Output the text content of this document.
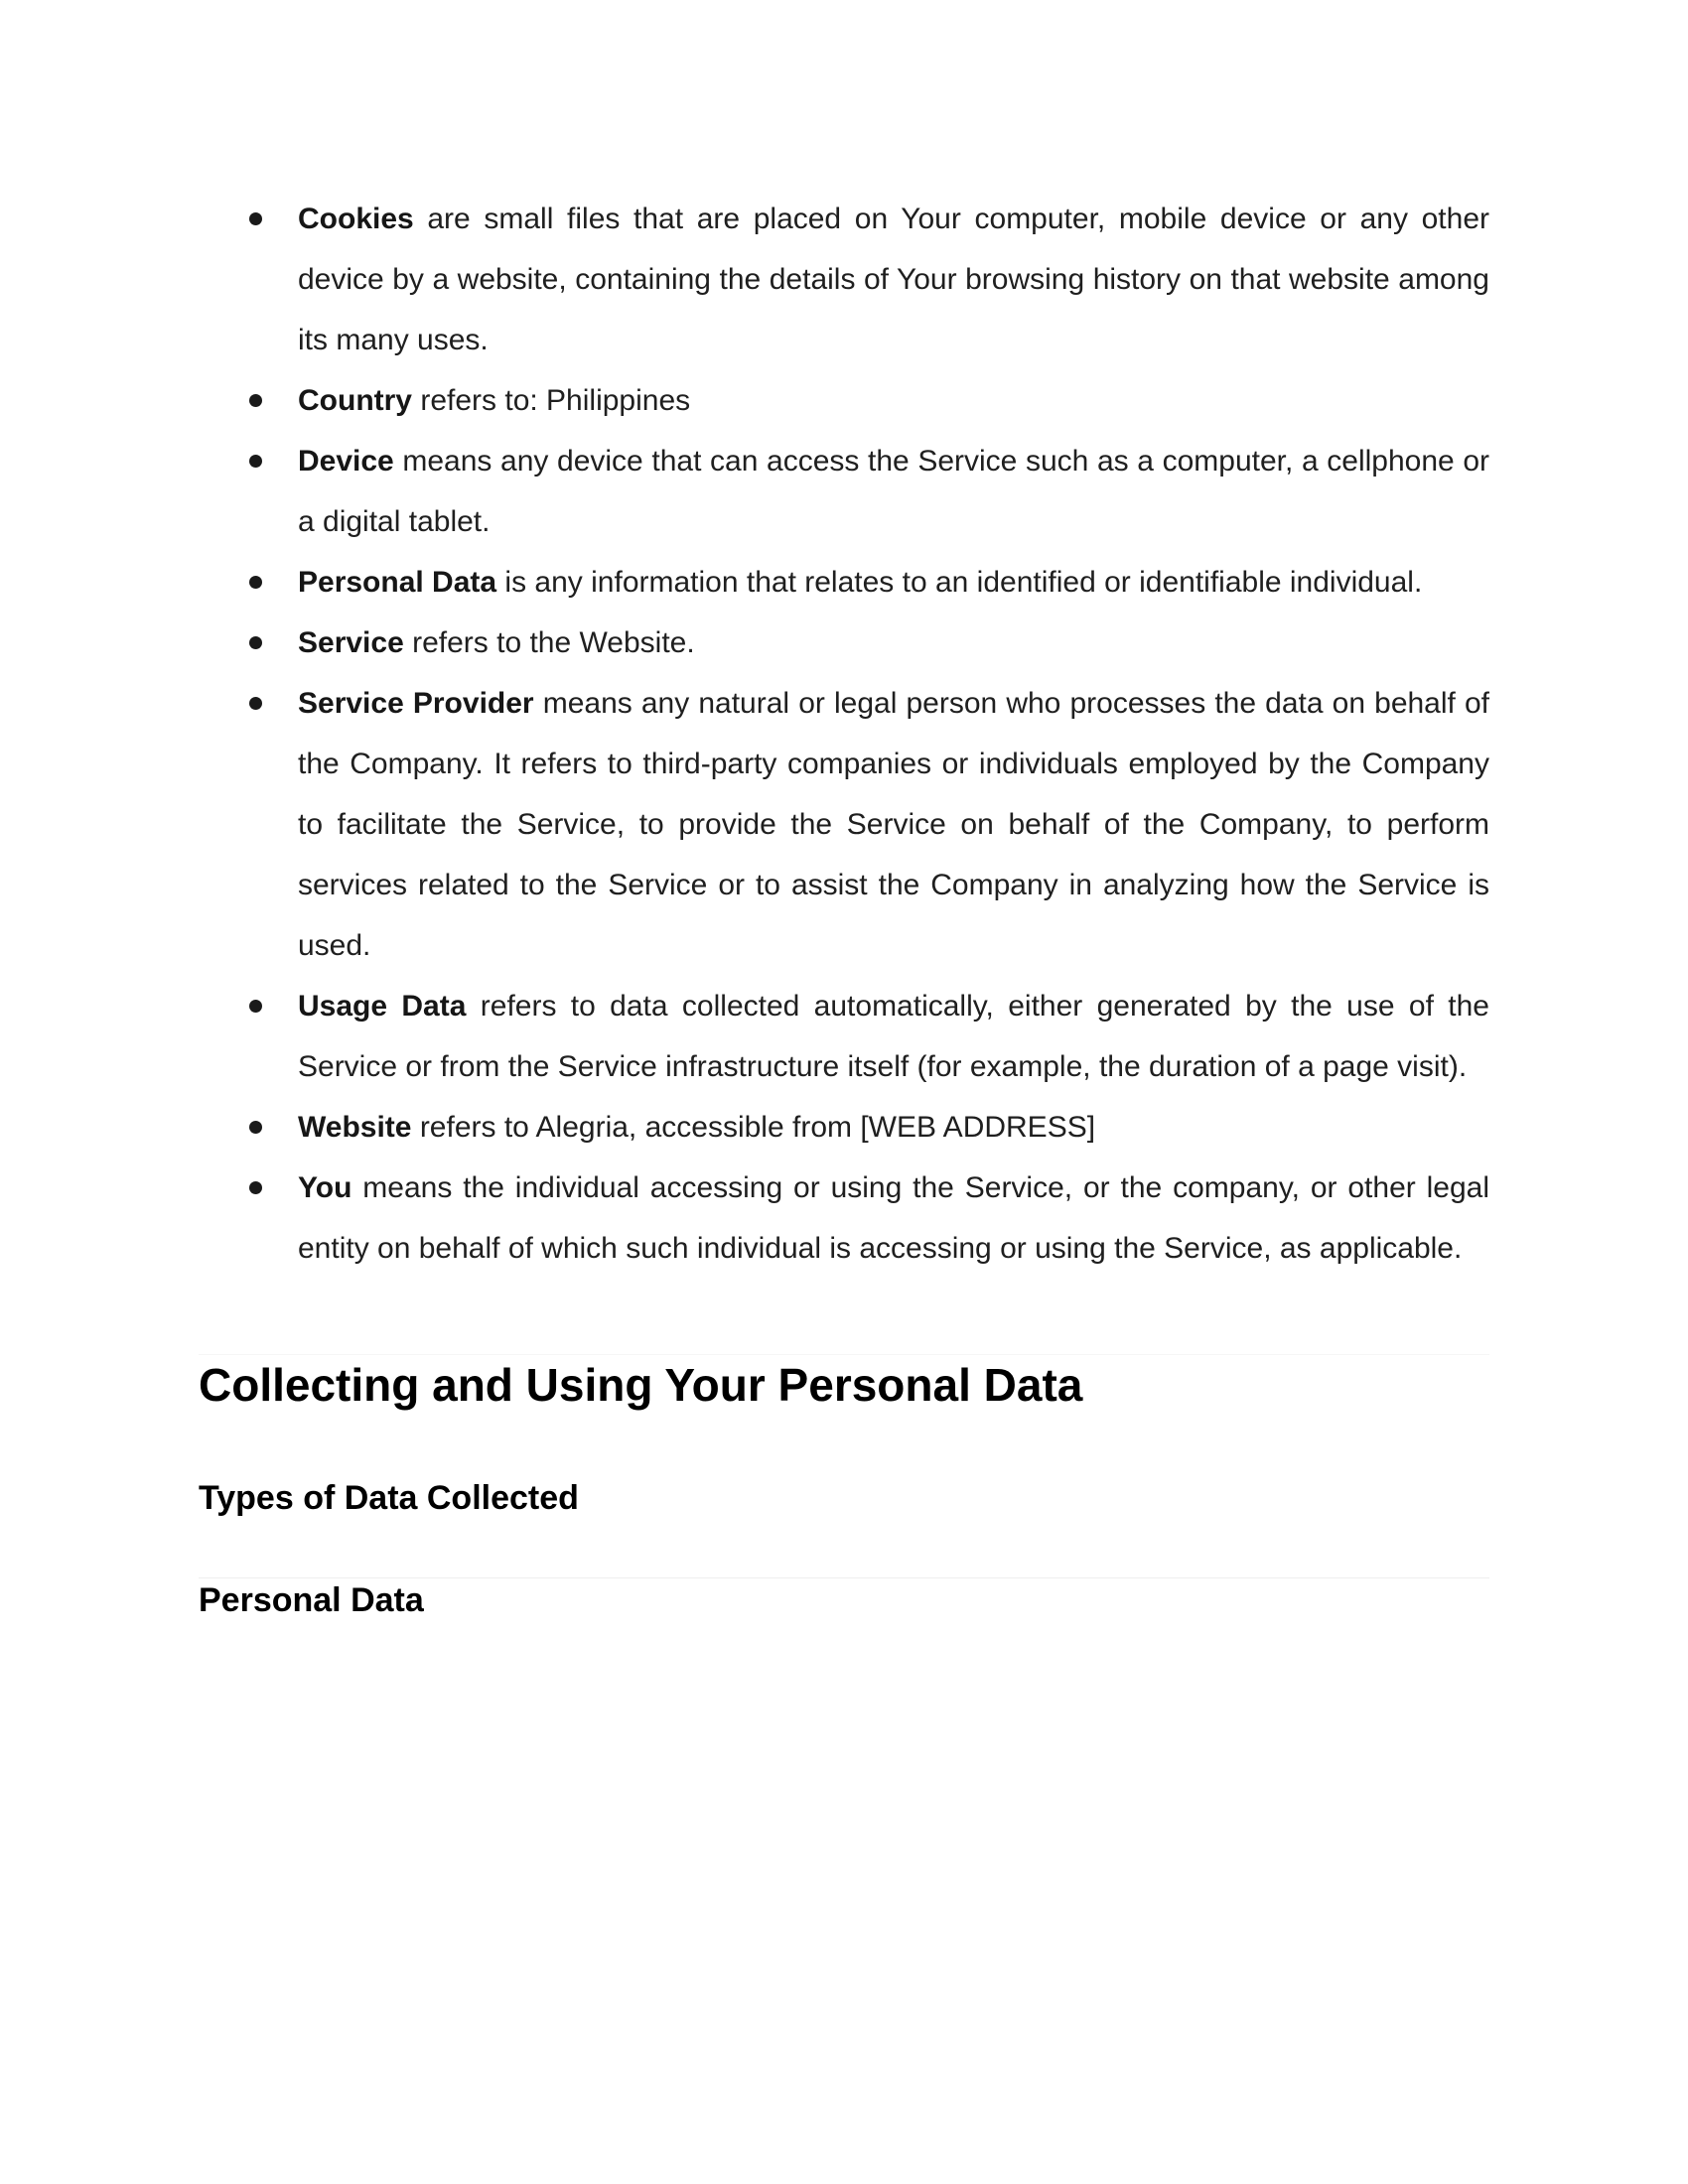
Cookies are small files that are placed on Your computer, mobile device or any other device by a website, containing the details of Your browsing history on that website among its many uses.
Country refers to: Philippines
Device means any device that can access the Service such as a computer, a cellphone or a digital tablet.
Personal Data is any information that relates to an identified or identifiable individual.
Service refers to the Website.
Service Provider means any natural or legal person who processes the data on behalf of the Company. It refers to third-party companies or individuals employed by the Company to facilitate the Service, to provide the Service on behalf of the Company, to perform services related to the Service or to assist the Company in analyzing how the Service is used.
Usage Data refers to data collected automatically, either generated by the use of the Service or from the Service infrastructure itself (for example, the duration of a page visit).
Website refers to Alegria, accessible from [WEB ADDRESS]
You means the individual accessing or using the Service, or the company, or other legal entity on behalf of which such individual is accessing or using the Service, as applicable.
Collecting and Using Your Personal Data
Types of Data Collected
Personal Data
